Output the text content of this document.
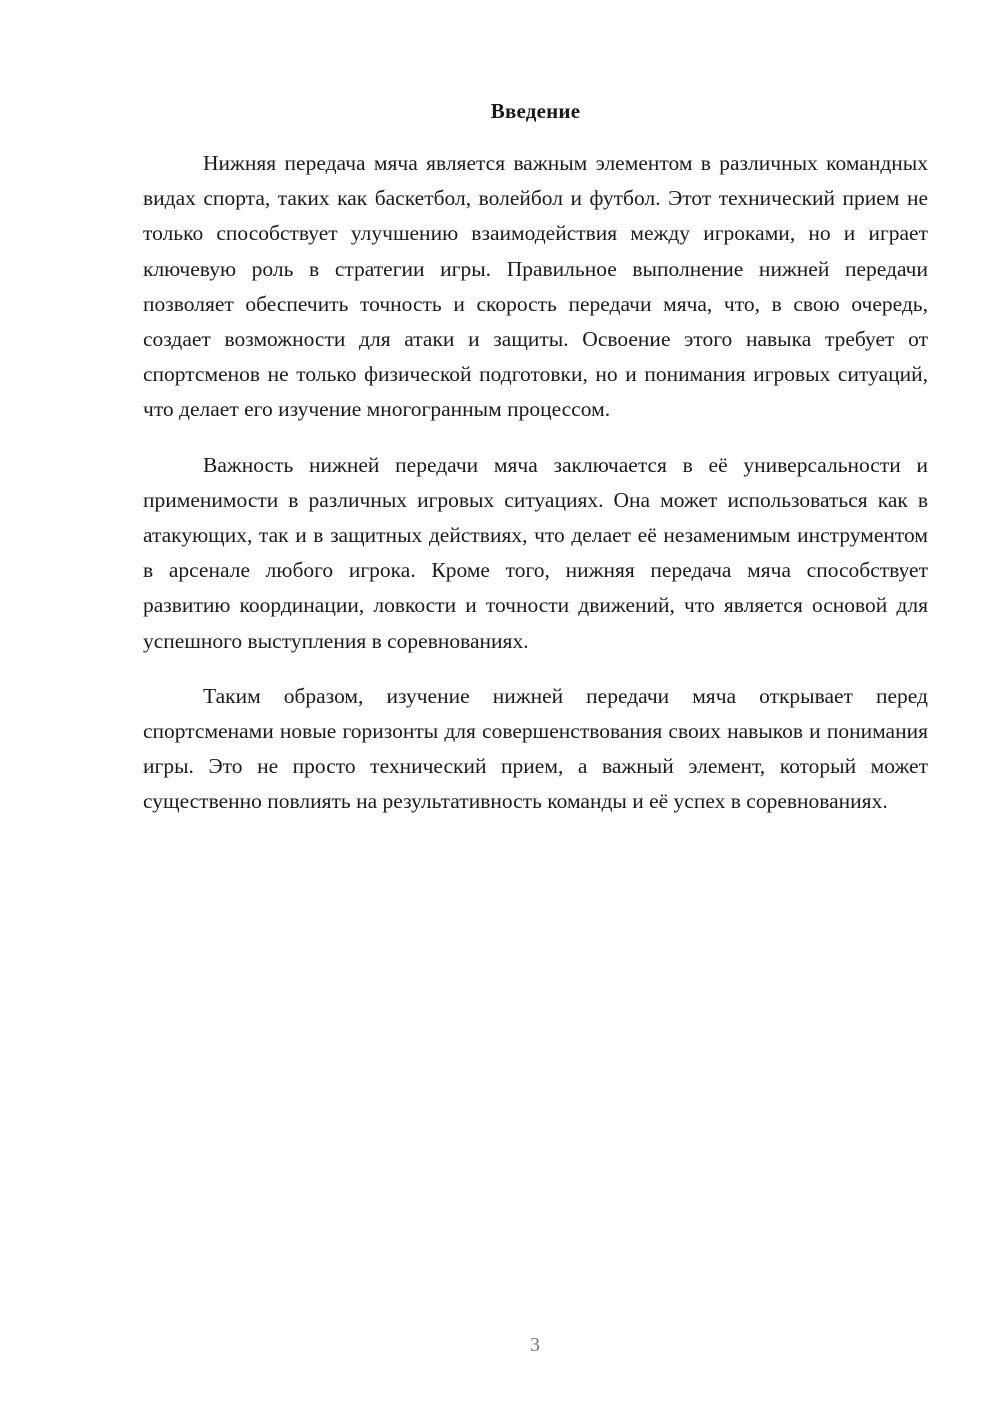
Введение

Нижняя передача мяча является важным элементом в различных командных видах спорта, таких как баскетбол, волейбол и футбол. Этот технический прием не только способствует улучшению взаимодействия между игроками, но и играет ключевую роль в стратегии игры. Правильное выполнение нижней передачи позволяет обеспечить точность и скорость передачи мяча, что, в свою очередь, создает возможности для атаки и защиты. Освоение этого навыка требует от спортсменов не только физической подготовки, но и понимания игровых ситуаций, что делает его изучение многогранным процессом.

Важность нижней передачи мяча заключается в её универсальности и применимости в различных игровых ситуациях. Она может использоваться как в атакующих, так и в защитных действиях, что делает её незаменимым инструментом в арсенале любого игрока. Кроме того, нижняя передача мяча способствует развитию координации, ловкости и точности движений, что является основой для успешного выступления в соревнованиях.

Таким образом, изучение нижней передачи мяча открывает перед спортсменами новые горизонты для совершенствования своих навыков и понимания игры. Это не просто технический прием, а важный элемент, который может существенно повлиять на результативность команды и её успех в соревнованиях.

3
